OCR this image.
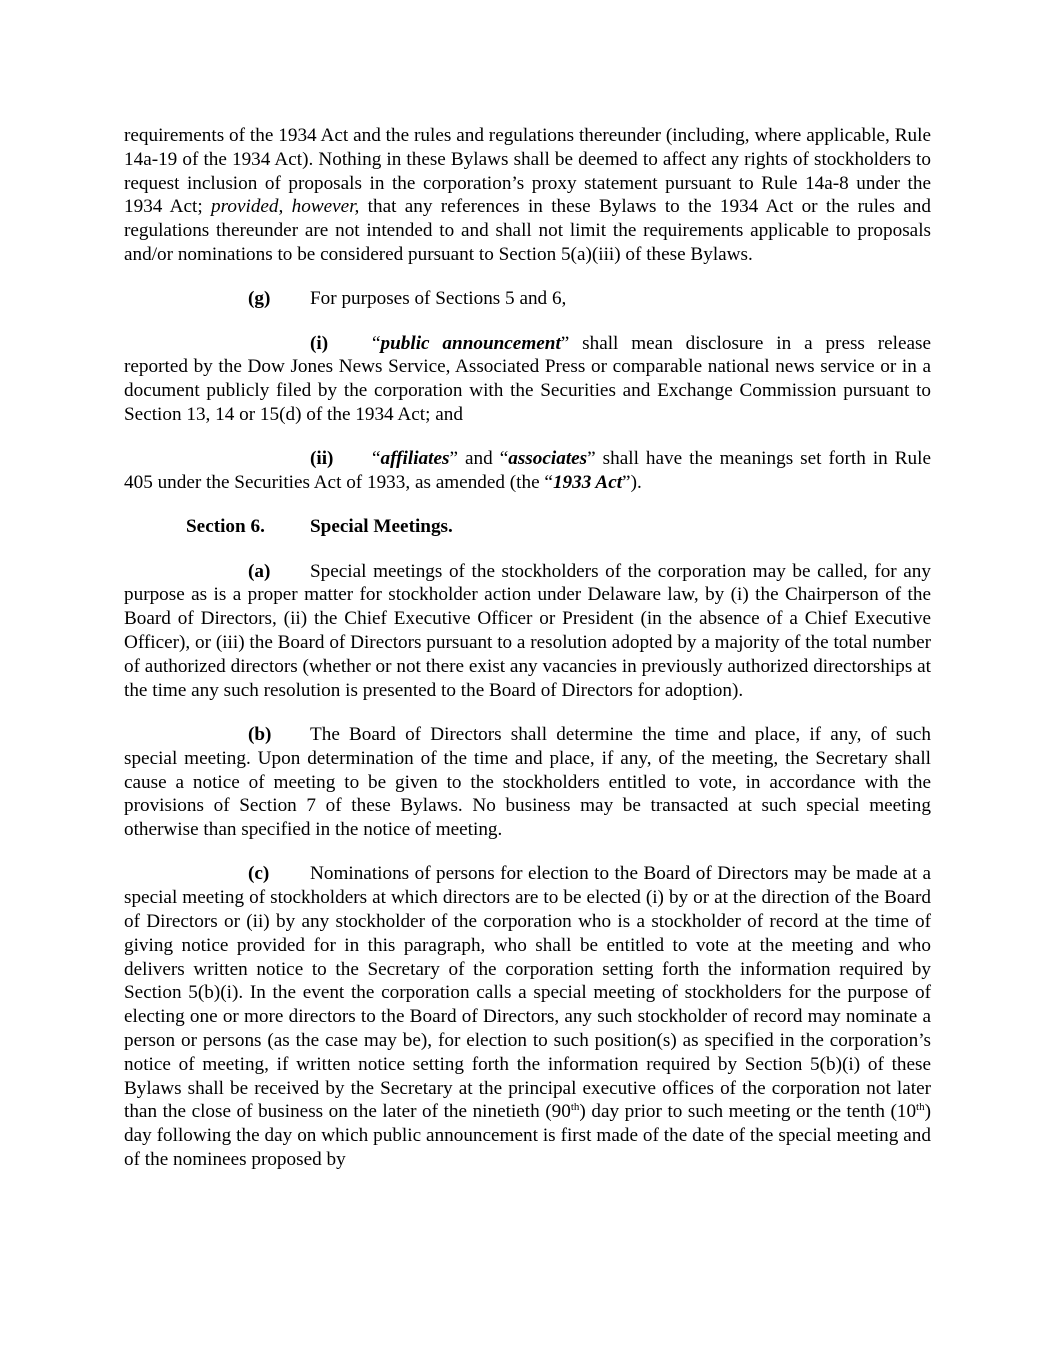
requirements of the 1934 Act and the rules and regulations thereunder (including, where applicable, Rule 14a-19 of the 1934 Act). Nothing in these Bylaws shall be deemed to affect any rights of stockholders to request inclusion of proposals in the corporation’s proxy statement pursuant to Rule 14a-8 under the 1934 Act; provided, however, that any references in these Bylaws to the 1934 Act or the rules and regulations thereunder are not intended to and shall not limit the requirements applicable to proposals and/or nominations to be considered pursuant to Section 5(a)(iii) of these Bylaws.

(g) For purposes of Sections 5 and 6,

(i) “public announcement” shall mean disclosure in a press release reported by the Dow Jones News Service, Associated Press or comparable national news service or in a document publicly filed by the corporation with the Securities and Exchange Commission pursuant to Section 13, 14 or 15(d) of the 1934 Act; and

(ii) “affiliates” and “associates” shall have the meanings set forth in Rule 405 under the Securities Act of 1933, as amended (the “1933 Act”).

Section 6. Special Meetings.

(a) Special meetings of the stockholders of the corporation may be called, for any purpose as is a proper matter for stockholder action under Delaware law, by (i) the Chairperson of the Board of Directors, (ii) the Chief Executive Officer or President (in the absence of a Chief Executive Officer), or (iii) the Board of Directors pursuant to a resolution adopted by a majority of the total number of authorized directors (whether or not there exist any vacancies in previously authorized directorships at the time any such resolution is presented to the Board of Directors for adoption).

(b) The Board of Directors shall determine the time and place, if any, of such special meeting. Upon determination of the time and place, if any, of the meeting, the Secretary shall cause a notice of meeting to be given to the stockholders entitled to vote, in accordance with the provisions of Section 7 of these Bylaws. No business may be transacted at such special meeting otherwise than specified in the notice of meeting.

(c) Nominations of persons for election to the Board of Directors may be made at a special meeting of stockholders at which directors are to be elected (i) by or at the direction of the Board of Directors or (ii) by any stockholder of the corporation who is a stockholder of record at the time of giving notice provided for in this paragraph, who shall be entitled to vote at the meeting and who delivers written notice to the Secretary of the corporation setting forth the information required by Section 5(b)(i). In the event the corporation calls a special meeting of stockholders for the purpose of electing one or more directors to the Board of Directors, any such stockholder of record may nominate a person or persons (as the case may be), for election to such position(s) as specified in the corporation’s notice of meeting, if written notice setting forth the information required by Section 5(b)(i) of these Bylaws shall be received by the Secretary at the principal executive offices of the corporation not later than the close of business on the later of the ninetieth (90th) day prior to such meeting or the tenth (10th) day following the day on which public announcement is first made of the date of the special meeting and of the nominees proposed by
